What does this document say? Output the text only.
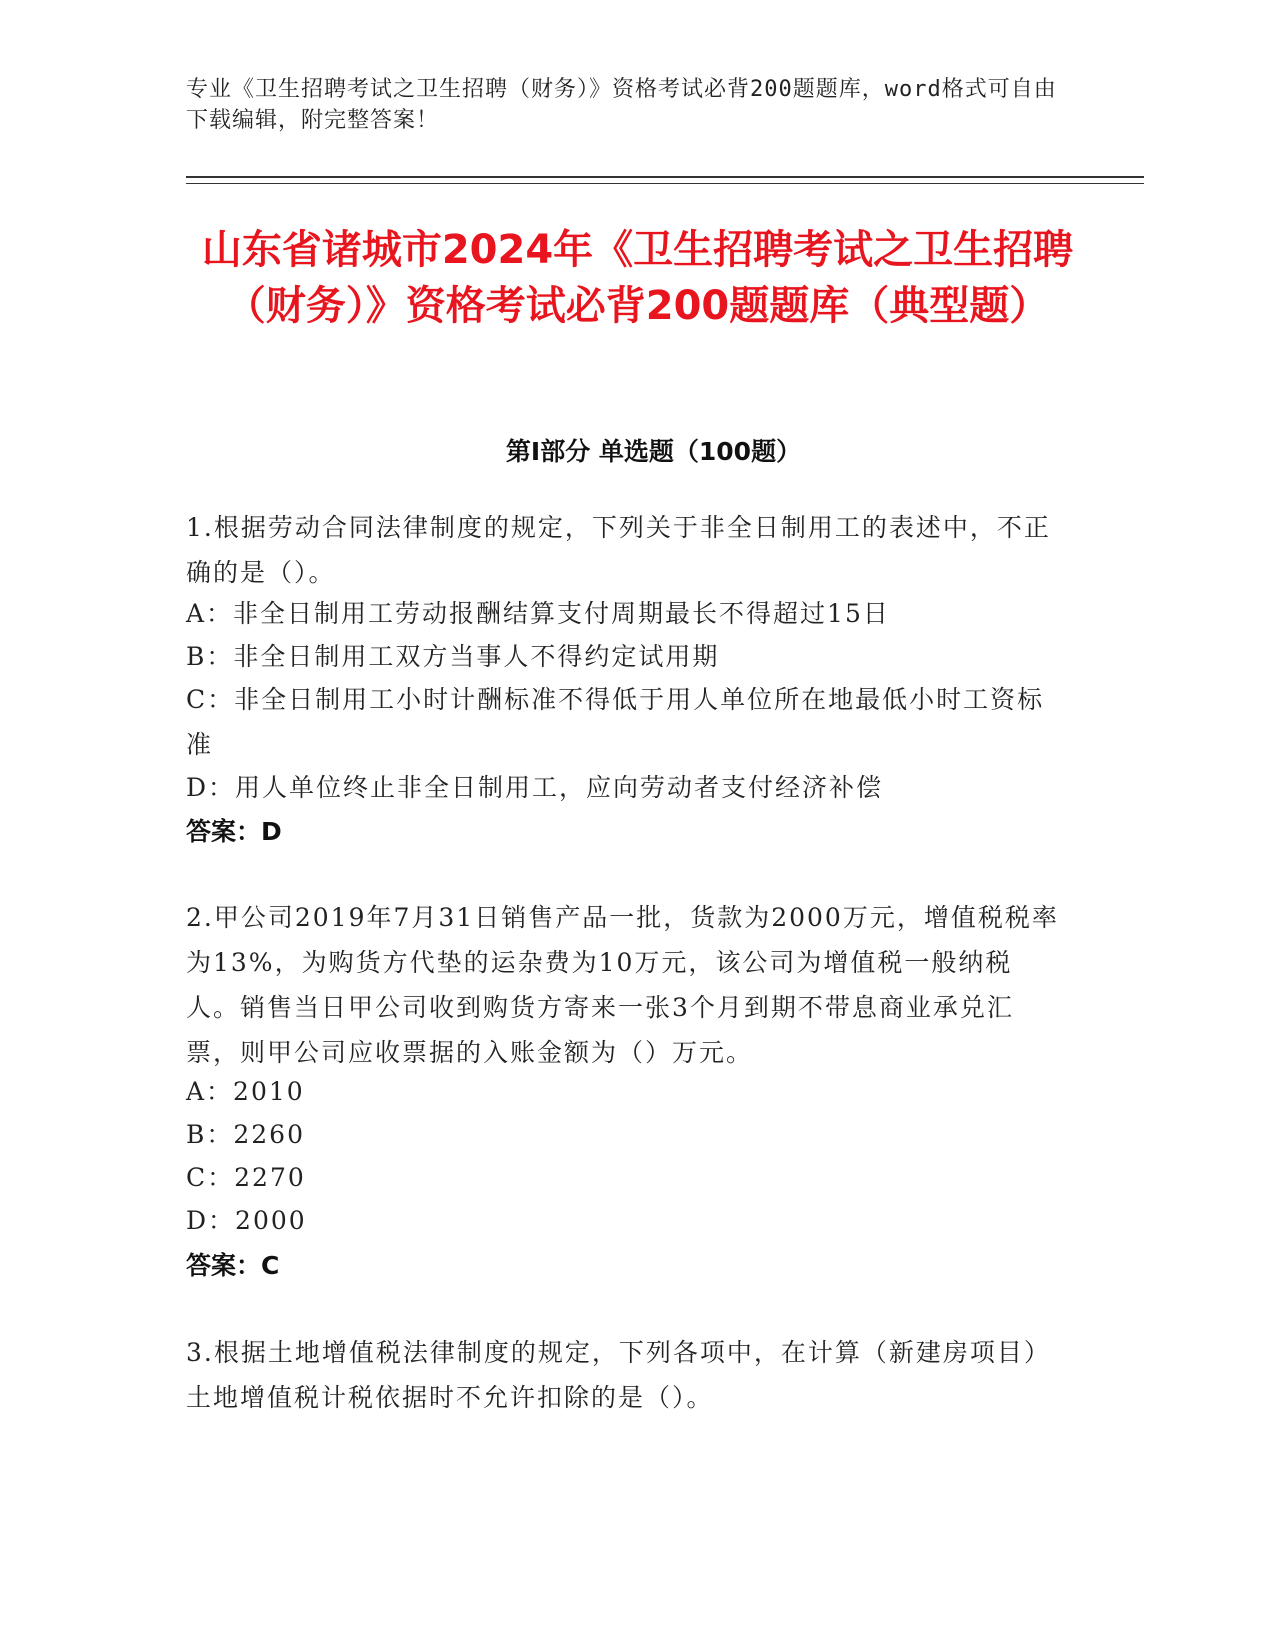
专业《卫生招聘考试之卫生招聘（财务）》资格考试必背200题题库，word格式可自由下载编辑，附完整答案！
山东省诸城市2024年《卫生招聘考试之卫生招聘（财务）》资格考试必背200题题库（典型题）
第I部分 单选题（100题）
1.根据劳动合同法律制度的规定，下列关于非全日制用工的表述中，不正确的是（）。
A：非全日制用工劳动报酬结算支付周期最长不得超过15日
B：非全日制用工双方当事人不得约定试用期
C：非全日制用工小时计酬标准不得低于用人单位所在地最低小时工资标准
D：用人单位终止非全日制用工，应向劳动者支付经济补偿
答案：D
2.甲公司2019年7月31日销售产品一批，货款为2000万元，增值税税率为13%，为购货方代垫的运杂费为10万元，该公司为增值税一般纳税人。销售当日甲公司收到购货方寄来一张3个月到期不带息商业承兑汇票，则甲公司应收票据的入账金额为（）万元。
A：2010
B：2260
C：2270
D：2000
答案：C
3.根据土地增值税法律制度的规定，下列各项中，在计算（新建房项目）土地增值税计税依据时不允许扣除的是（）。
